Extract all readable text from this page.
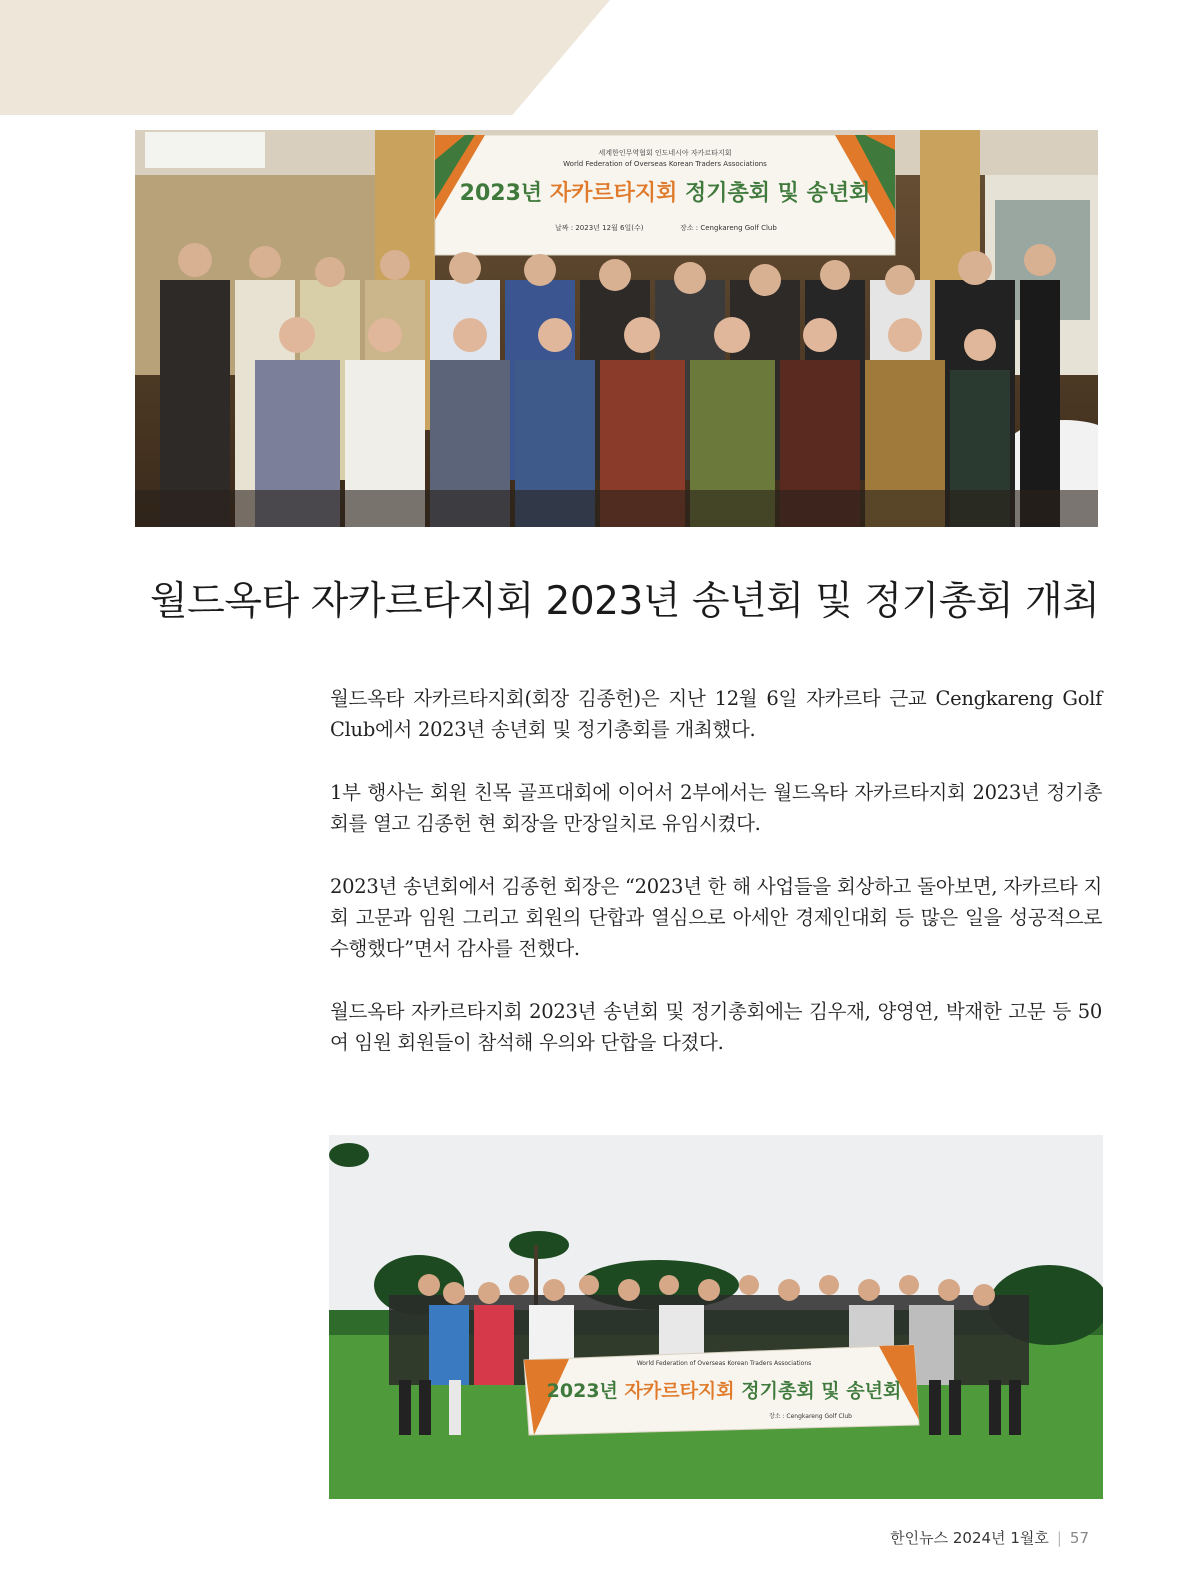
세계한인무역협회 인도네시아 자카르타지회
World Federation of Overseas Korean Traders Associations
2023년 자카르타지회 정기총회 및 송년회
날짜 : 2023년 12월 6일(수)	장소 : Cengkareng Golf Club
월드옥타 자카르타지회 2023년 송년회 및 정기총회 개최

월드옥타 자카르타지회(회장 김종헌)은 지난 12월 6일 자카르타 근교 Cengkareng Golf Club에서 2023년 송년회 및 정기총회를 개최했다.

1부 행사는 회원 친목 골프대회에 이어서 2부에서는 월드옥타 자카르타지회 2023년 정기총회를 열고 김종헌 현 회장을 만장일치로 유임시켰다.

2023년 송년회에서 김종헌 회장은 “2023년 한 해 사업들을 회상하고 돌아보면, 자카르타 지회 고문과 임원 그리고 회원의 단합과 열심으로 아세안 경제인대회 등 많은 일을 성공적으로 수행했다”면서 감사를 전했다.

월드옥타 자카르타지회 2023년 송년회 및 정기총회에는 김우재, 양영연, 박재한 고문 등 50여 임원 회원들이 참석해 우의와 단합을 다졌다.

World Federation of Overseas Korean Traders Associations
2023년 자카르타지회 정기총회 및 송년회
장소 : Cengkareng Golf Club
한인뉴스 2024년 1월호 | 57
